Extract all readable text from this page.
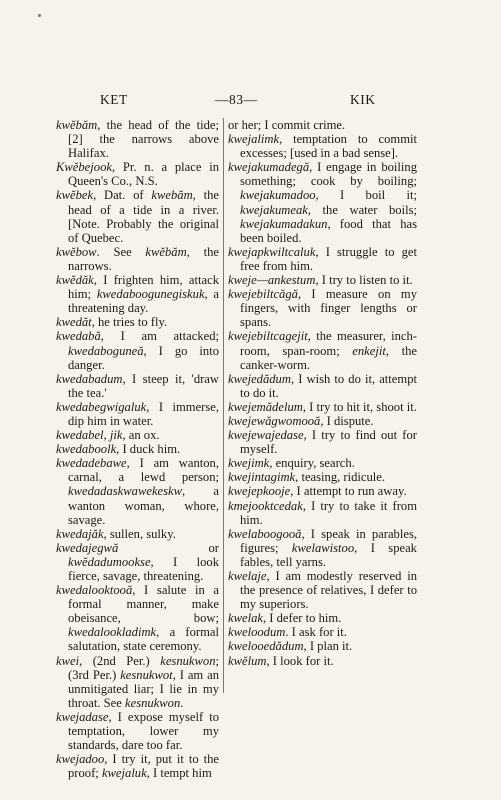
KET	—83—	KIK

kwĕbăm, the head of the tide; [2] the narrows above Halifax.

Kwĕbejook, Pr. n. a place in Queen's Co., N.S.

kwĕbek, Dat. of kwebăm, the head of a tide in a river. [Note. Probably the original of Quebec.

kwĕbow. See kwĕbăm, the narrows.

kwĕdăk, I frighten him, attack him; kwedaboogunegiskuk, a threatening day.

kwedăt, he tries to fly.

kwedabă, I am attacked; kwedaboguneă, I go into danger.

kwedabadum, I steep it, 'draw the tea.'

kwedabegwigaluk, I immerse, dip him in water.

kwedabel, jik, an ox.

kwedaboolk, I duck him.

kwedadebawe, I am wanton, carnal, a lewd person; kwedadaskwawekeskw, a wanton woman, whore, savage.

kwedajăk, sullen, sulky.

kwedajegwă or kwĕdadumookse, I look fierce, savage, threatening.

kwedalooktooă, I salute in a formal manner, make obeisance, bow; kwedalookladimk, a formal salutation, state ceremony.

kwei, (2nd Per.) kesnukwon; (3rd Per.) kesnukwot, I am an unmitigated liar; I lie in my throat. See kesnukwon.

kwejadase, I expose myself to temptation, lower my standards, dare too far.

kwejadoo, I try it, put it to the proof; kwejaluk, I tempt him

or her; I commit crime.

kwejalimk, temptation to commit excesses; [used in a bad sense].

kwejakumadegă, I engage in boiling something; cook by boiling; kwejakumadoo, I boil it; kwejakumeak, the water boils; kwejakumadakun, food that has been boiled.

kwejapkwiltcaluk, I struggle to get free from him.

kweje—ankestum, I try to listen to it.

kwejebiltcăgă, I measure on my fingers, with finger lengths or spans.

kwejebiltcagejit, the measurer, inch-room, span-room; enkejit, the canker-worm.

kwejedădum, I wish to do it, attempt to do it.

kwejemădelum, I try to hit it, shoot it.

kwejewăgwomooă, I dispute.

kwejewajedase, I try to find out for myself.

kwejimk, enquiry, search.

kwejintagimk, teasing, ridicule.

kwejepkooje, I attempt to run away.

kmejooktcedak, I try to take it from him.

kwelaboogooă, I speak in parables, figures; kwelawistoo, I speak fables, tell yarns.

kwelaje, I am modestly reserved in the presence of relatives, I defer to my superiors.

kwelak, I defer to him.

kweloodum. I ask for it.

kwelooedădum, I plan it.

kwĕlum, I look for it.
